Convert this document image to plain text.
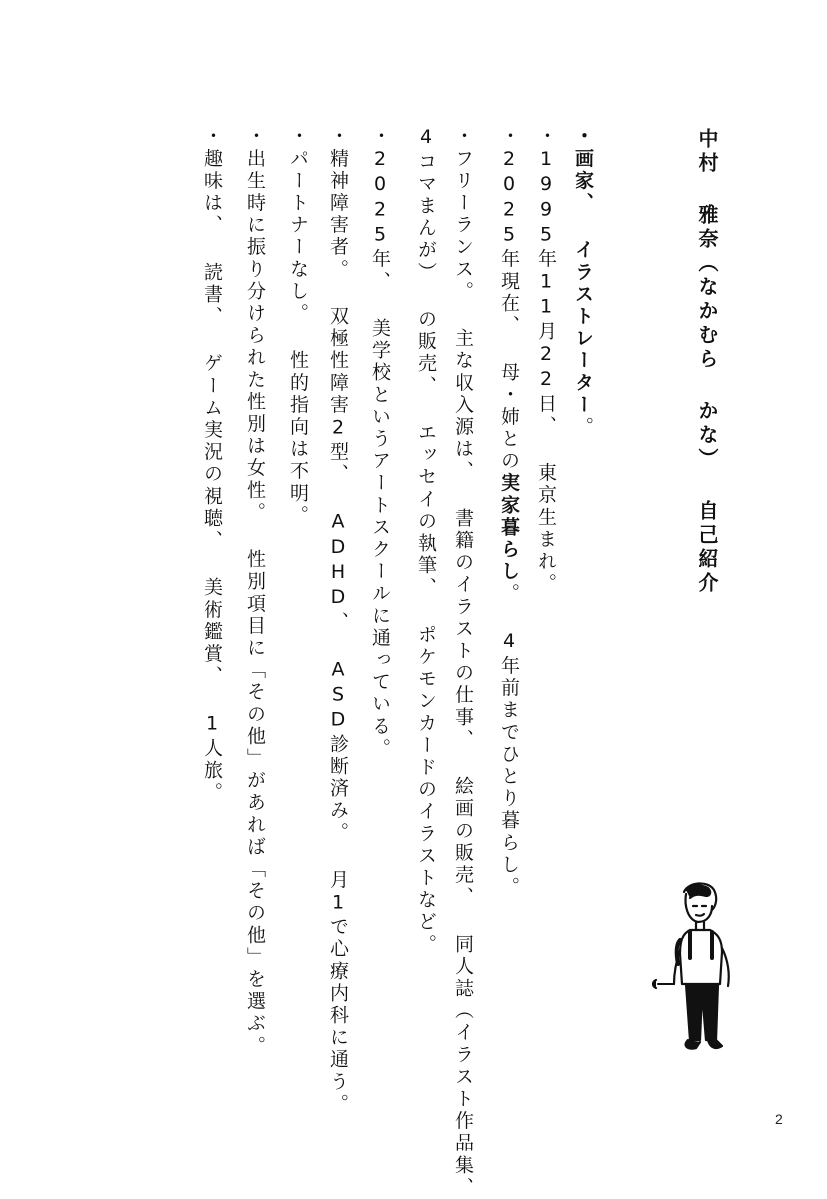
中村 雅奈（なかむら かな） 自己紹介

・画家、 イラストレーター。

・1995年11月22日、 東京生まれ。

・2025年現在、 母・姉との実家暮らし。 4年前までひとり暮らし。

・フリーランス。 主な収入源は、 書籍のイラストの仕事、 絵画の販売、 同人誌（イラスト作品集、

4コマまんが） の販売、 エッセイの執筆、 ポケモンカードのイラストなど。

・2025年、 美学校というアートスクールに通っている。

・精神障害者。 双極性障害2型、 ADHD、 ASD診断済み。 月1で心療内科に通う。

・パートナーなし。 性的指向は不明。

・出生時に振り分けられた性別は女性。 性別項目に「その他」があれば「その他」を選ぶ。

・趣味は、 読書、 ゲーム実況の視聴、 美術鑑賞、 1人旅。

2
